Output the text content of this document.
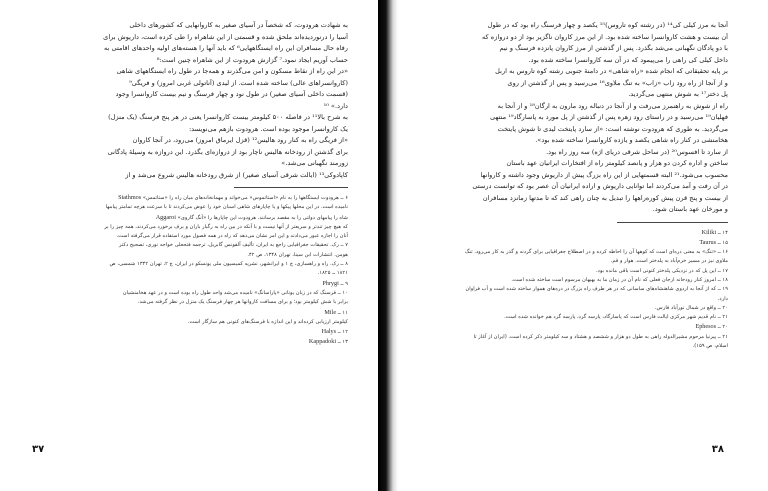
به شهادت هرودوت، که شخصاً در آسیای صغیر به کاروانهایی که کشورهای داخلی
آسیا را درنوردیده‌اند ملحق شده و قسمتی از این شاهراه را طی کرده است، داریوش برای
رفاه حال مسافران این راه ایستگاههایی⁶ که باید آنها را هسته‌های اولیه واحدهای اقامتی به
حساب آوریم ایجاد نمود.⁷ گزارش هرودوت از این شاهراه چنین است:⁸
«در این راه از نقاط مسکون و امن می‌گذرند و همه‌جا در طول راه ایستگاههای شاهی
(کاروانسراهای عالی) ساخته شده است. از لیدی (آناتولی غربی امروز) و فریگی⁹
(قسمت داخلی آسیای صغیر) در طول نود و چهار فرسنگ و نیم بیست کاروانسرا وجود
دارد.» ¹⁰
به شرح بالا¹¹ در فاصله ۵۰۰ کیلومتر بیست کاروانسرا یعنی در هر پنج فرسنگ (یک منزل)
یک کاروانسرا موجود بوده است. هرودوت بازهم می‌نویسد:
«از فریگی راه به کنار رود هالیس¹² (قزل ایرماق امروز) می‌رود، در آنجا کاروان
برای گذشتن از رودخانه هالیس ناچار بود از دروازه‌ای بگذرد. این دروازه به وسیلهٔ پادگانی
زورمند نگهبانی می‌شد.»
کاپادوکی¹³ (ایالت شرقی آسیای صغیر) از شرق رودخانه هالیس شروع می‌شد و از
۶ ــ هرودوت ایستگاهها را به نام «استاتموس» می‌خواند و مهمانخانه‌های میان راه را «ستاتمس» Stathmos
نامیده است. در این محلها پیکها و یا چاپارهای شاهی اسبان خود را عوض می‌کردند تا با سرعت هرچه تمامتر پیامها
شاه را پیامهای دولتی را به مقصد برسانند. هرودوت این چاپارها را «آنگ گاروی» Aggaroi
که هیچ چیز تندتر و سریعتر از آنها نیست و با آنکه در بین راه به رگبار باران و برف برخورد می‌کردند، همه چیز را بر
آنان را اجازه عبور می‌دادند و این امر نشان می‌دهد که راه در همه فصول مورد استفاده قرار می‌گرفته است.
۷ ــ رک. تحقیقات جغرافیایی راجع به ایران، تألیف آلفونس گابریل، ترجمه فتحعلی خواجه نوری، تصحیح دکتر
هومن. انتشارات ابن سینا، تهران ۱۳۴۸، ص ۴۲.
۸ ــ رک. راه و راهسازی، ج ۱ و ایرانشهر، نشریه کمیسیون ملی یونسکو در ایران، ج ۲، تهران ۱۳۴۲ شمسی، ص
۱۸۲۱ ــ ۱۸۲۵.
۹ ــ Phrygi
۱۰ ــ فرسنگ که در زبان یونانی «پاراسانگ» نامیده می‌شد واحد طول راه بوده است و در عهد هخامنشیان
برابر با شش کیلومتر بود؛ و برای مسافت کاروانها هر چهار فرسنگ یک منزل در نظر گرفته می‌شد.
۱۱ ــ Mile
کیلومتر ارزیابی کرده‌اند و این اندازه با فرسنگ‌های کنونی هم سازگار است.
۱۲ ــ Halys
۱۳ ــ Kappadoki
۳۷
آنجا به مرز کیلی کی¹⁴ (در رشته کوه تاروس)¹⁵ یکصد و چهار فرسنگ راه بود که در طول
آن بیست و هشت کاروانسرا ساخته شده بود. از این مرز کاروان ناگزیر بود از دو دروازه که
با دو پادگان نگهبانی می‌شد بگذرد. پس از گذشتن از مرز کاروان پانزده فرسنگ و نیم
داخل کیلی کی راهی را می‌پیمود که در آن سه کاروانسرا ساخته شده بود.
بر پایه تحقیقاتی که انجام شده «راه شاهی» در دامنهٔ جنوبی رشته کوه تاروس به اربل
و از آنجا از راه رود زاب «زاب» به تنگ ملاوی¹⁶ می‌رسید و پس از گذشتن از روی
پل دختر¹⁷ به شوش منتهی می‌گردید.
راه از شوش به راهنمرز می‌رفت و از آنجا در دنباله رود مارون به ارگان¹⁸ و از آنجا به
فهلیان¹⁹ می‌رسید و در راستای رود زهره پس از گذشتن از پل مورد به پاسارگاد¹⁹ منتهی
می‌گردید. به طوری که هرودوت نوشته است: «از سارد پایتخت لیدی تا شوش پایتخت
هخامنشی در کنار راه شاهی یکصد و یازده کاروانسرا ساخته شده بود».
از سارد تا افسوس²⁰ (در ساحل شرقی دریای اژه) سه روز راه بود.
ساختن و اداره کردن دو هزار و پانصد کیلومتر راه از افتخارات ایرانیان عهد باستان
محسوب می‌شود.²¹ البته قسمتهایی از این راه بزرگ پیش از داریوش وجود داشته و کاروانها
در آن رفت و آمد می‌کردند اما توانایی داریوش و اراده ایرانیان آن عصر بود که توانست درستی
از بیست و پنج قرن پیش کوره‌راهها را تبدیل به چنان راهی کند که تا مدتها زمانزد مسافران
و مورخان عهد باستان شود.
۱۴ ــ Kiliki
۱۵ ــ Taurus
۱۶ ــ «تنگ» به معنی دره‌ای است که کوهها آن را احاطه کرده و در اصطلاح جغرافیایی برای گردنه و گذر به کار می‌رود. تنگ
ملاوی نیز در مسیر خرم‌آباد به پلدختر است. هوار و قم.
۱۷ ــ این پل که در نزدیکی پلدختر کنونی است باقی مانده بود.
۱۸ ــ امروز کنار رودخانه ارجان فعلی که نام آن در زمان ما به بهبهان مرسوم است ساخته شده است.
۱۹ ــ که از آنجا به اردوی شاهنشاه‌های ساسانی که در هر طرف راه بزرگ در دره‌های هموار ساخته شده است و آب فراوان
دارد.
۲۰ ــ واقع در شمال نورآباد فارس.
۲۱ ــ نام قدیم شهر مرکزی ایالت فارس است که پاسارگاد، پارسه گرد، پارسه گرد هم خوانده شده است.
۲۰ ــ Ephesos
۲۱ ــ پیرنیا مرحوم مشیرالدوله راهی به طول دو هزار و ششصد و هشتاد و سه کیلومتر ذکر کرده است. (ایران از آغاز تا
اسلام، ص ۱۵۹).
۳۸
